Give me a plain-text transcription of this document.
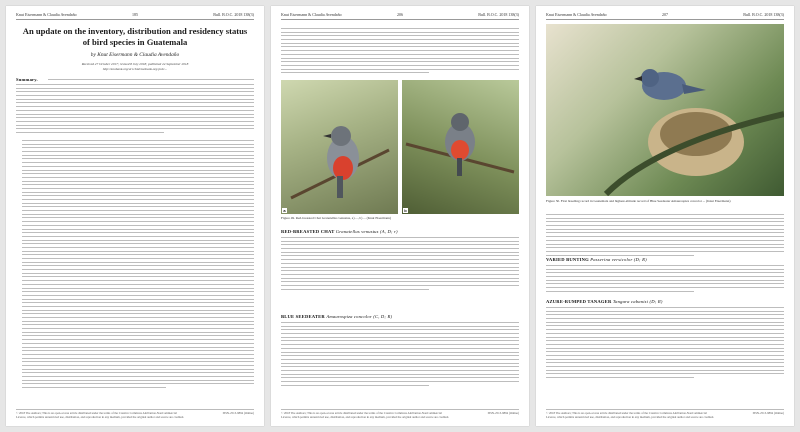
Knut Eisermann & Claudia Avendaño	185	Bull. B.O.C. 2018 138(3)
An update on the inventory, distribution and residency status of bird species in Guatemala
by Knut Eisermann & Claudia Avendaño
Received 27 October 2017; revised 8 July 2018; published 24 September 2018
http://zoobank.org/urn:lsid:zoobank.org:pub:...
Summary.
© 2018 The Authors; This is an open-access article distributed under the terms of the Creative Commons Attribution-NonCommercial Licence, which permits unrestricted use, distribution, and reproduction in any medium, provided the original author and source are credited.
ISSN-2513-9894 (Online)
Knut Eisermann & Claudia Avendaño	206	Bull. B.O.C. 2018 138(3)
a	b
Figure 49. Red-breasted Chat Granatellus venustus, a) ..., b) ... (Knut Eisermann)
RED-BREASTED CHAT Granatellus venustus (A, D; r)
BLUE SEEDEATER Amaurospiza concolor (C, D; R)
© 2018 The Authors; This is an open-access article distributed under the terms of the Creative Commons Attribution-NonCommercial Licence, which permits unrestricted use, distribution, and reproduction in any medium, provided the original author and source are credited.
ISSN-2513-9894 (Online)
Knut Eisermann & Claudia Avendaño	207	Bull. B.O.C. 2018 138(3)
Figure 50. First breeding record in Guatemala and highest-altitude record of Blue Seedeater Amaurospiza concolor ... (Knut Eisermann)
VARIED BUNTING Passerina versicolor (D; R)
AZURE-RUMPED TANAGER Tangara cabanisi (D; R)
© 2018 The Authors; This is an open-access article distributed under the terms of the Creative Commons Attribution-NonCommercial Licence, which permits unrestricted use, distribution, and reproduction in any medium, provided the original author and source are credited.
ISSN-2513-9894 (Online)
